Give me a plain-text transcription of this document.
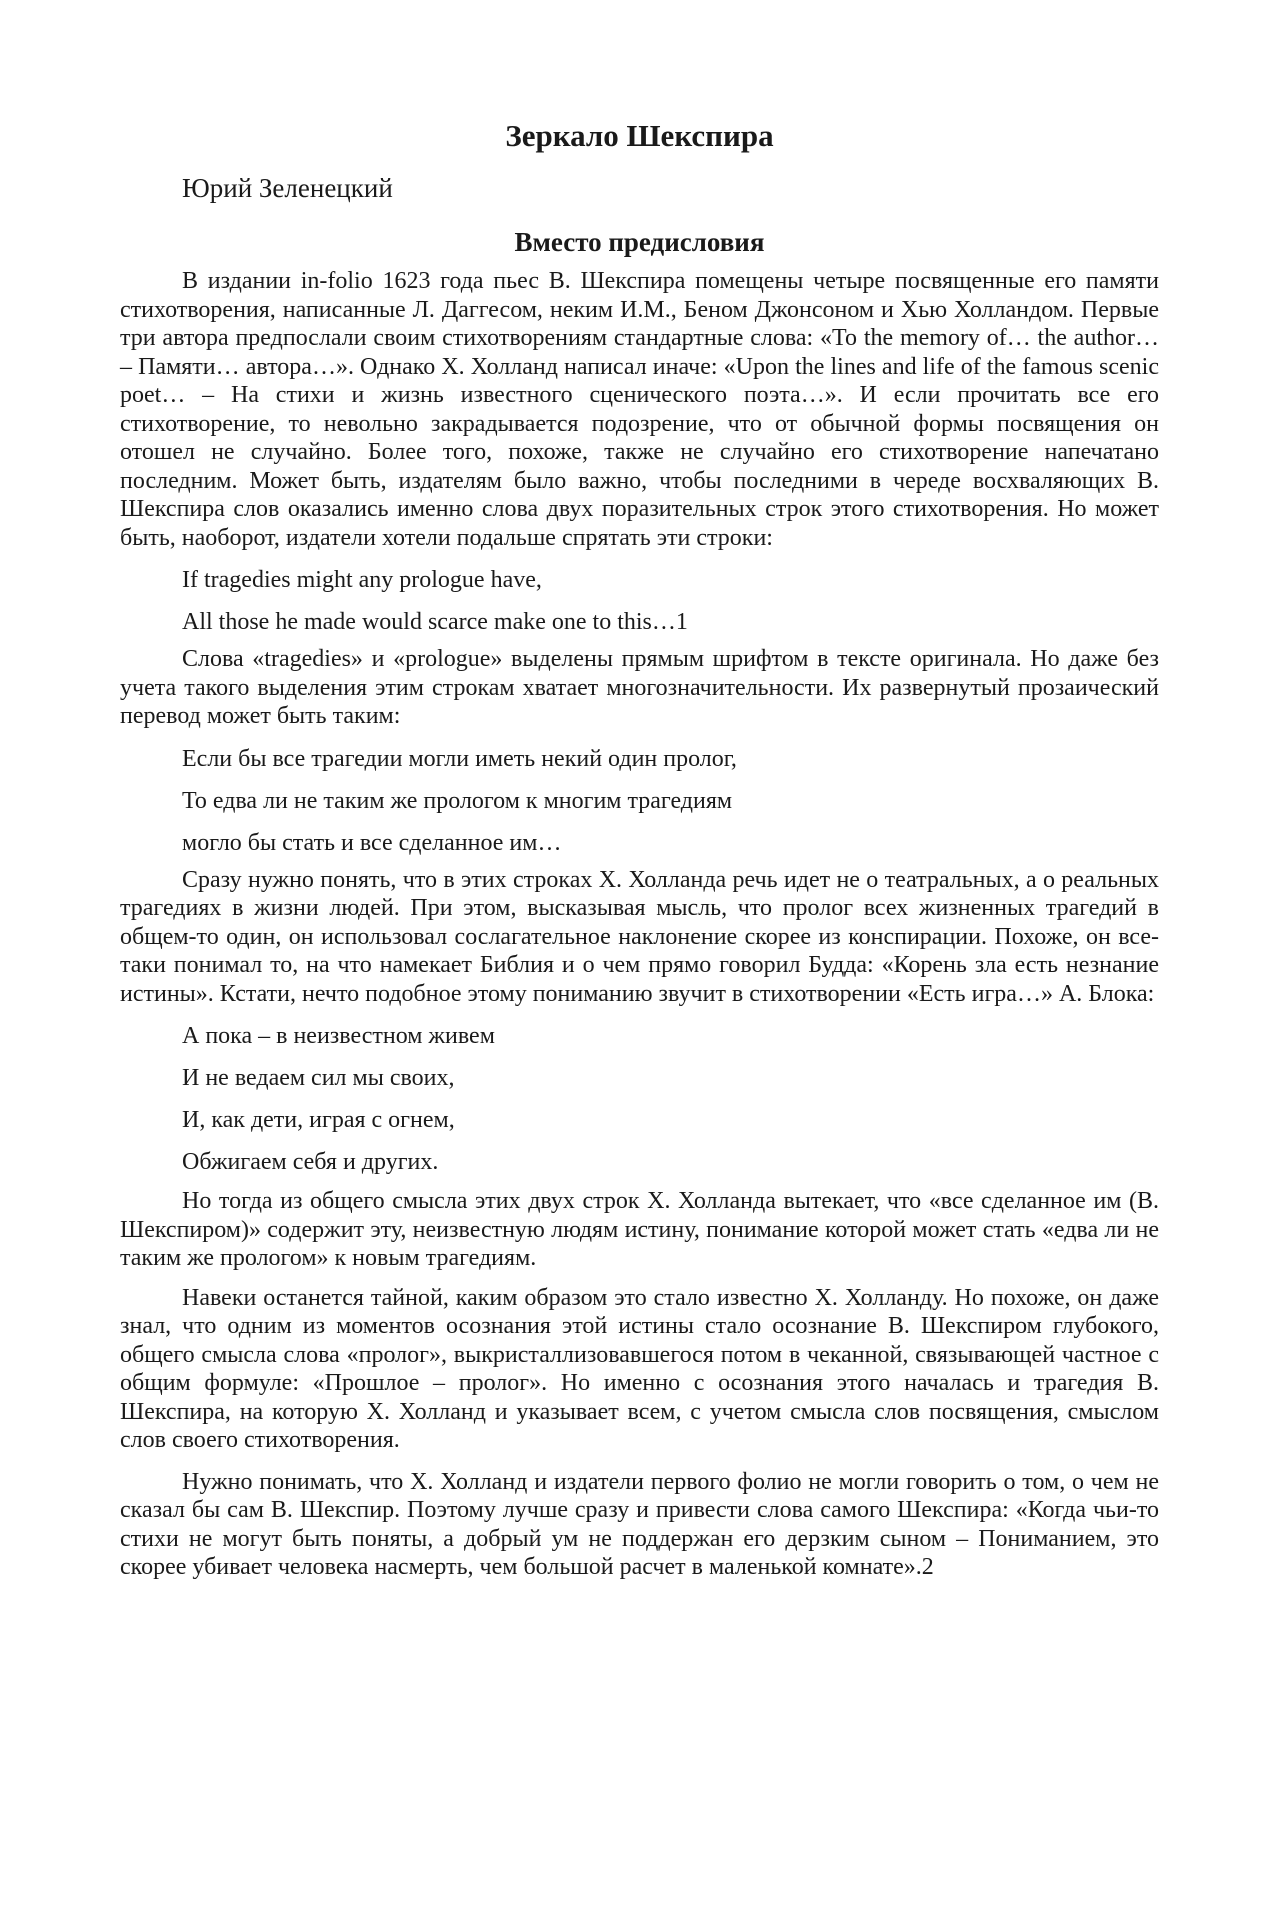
Зеркало Шекспира
Юрий Зеленецкий
Вместо предисловия

В издании in-folio 1623 года пьес В. Шекспира помещены четыре посвященные его памяти стихотворения, написанные Л. Даггесом, неким И.М., Беном Джонсоном и Хью Холландом. Первые три автора предпослали своим стихотворениям стандартные слова: «To the memory of… the author… – Памяти… автора…». Однако Х. Холланд написал иначе: «Upon the lines and life of the famous scenic poet… – На стихи и жизнь известного сценического поэта…». И если прочитать все его стихотворение, то невольно закрадывается подозрение, что от обычной формы посвящения он отошел не случайно. Более того, похоже, также не случайно его стихотворение напечатано последним. Может быть, издателям было важно, чтобы последними в череде восхваляющих В. Шекспира слов оказались именно слова двух поразительных строк этого стихотворения. Но может быть, наоборот, издатели хотели подальше спрятать эти строки:

If tragedies might any prologue have,
All those he made would scarce make one to this…1

Слова «tragedies» и «prologue» выделены прямым шрифтом в тексте оригинала. Но даже без учета такого выделения этим строкам хватает многозначительности. Их развернутый прозаический перевод может быть таким:

Если бы все трагедии могли иметь некий один пролог,
То едва ли не таким же прологом к многим трагедиям
могло бы стать и все сделанное им…

Сразу нужно понять, что в этих строках Х. Холланда речь идет не о театральных, а о реальных трагедиях в жизни людей. При этом, высказывая мысль, что пролог всех жизненных трагедий в общем-то один, он использовал сослагательное наклонение скорее из конспирации. Похоже, он все-таки понимал то, на что намекает Библия и о чем прямо говорил Будда: «Корень зла есть незнание истины». Кстати, нечто подобное этому пониманию звучит в стихотворении «Есть игра…» А. Блока:

А пока – в неизвестном живем
И не ведаем сил мы своих,
И, как дети, играя с огнем,
Обжигаем себя и других.

Но тогда из общего смысла этих двух строк Х. Холланда вытекает, что «все сделанное им (В. Шекспиром)» содержит эту, неизвестную людям истину, понимание которой может стать «едва ли не таким же прологом» к новым трагедиям.

Навеки останется тайной, каким образом это стало известно Х. Холланду. Но похоже, он даже знал, что одним из моментов осознания этой истины стало осознание В. Шекспиром глубокого, общего смысла слова «пролог», выкристаллизовавшегося потом в чеканной, связывающей частное с общим формуле: «Прошлое – пролог». Но именно с осознания этого началась и трагедия В. Шекспира, на которую Х. Холланд и указывает всем, с учетом смысла слов посвящения, смыслом слов своего стихотворения.

Нужно понимать, что Х. Холланд и издатели первого фолио не могли говорить о том, о чем не сказал бы сам В. Шекспир. Поэтому лучше сразу и привести слова самого Шекспира: «Когда чьи-то стихи не могут быть поняты, а добрый ум не поддержан его дерзким сыном – Пониманием, это скорее убивает человека насмерть, чем большой расчет в маленькой комнате».2
